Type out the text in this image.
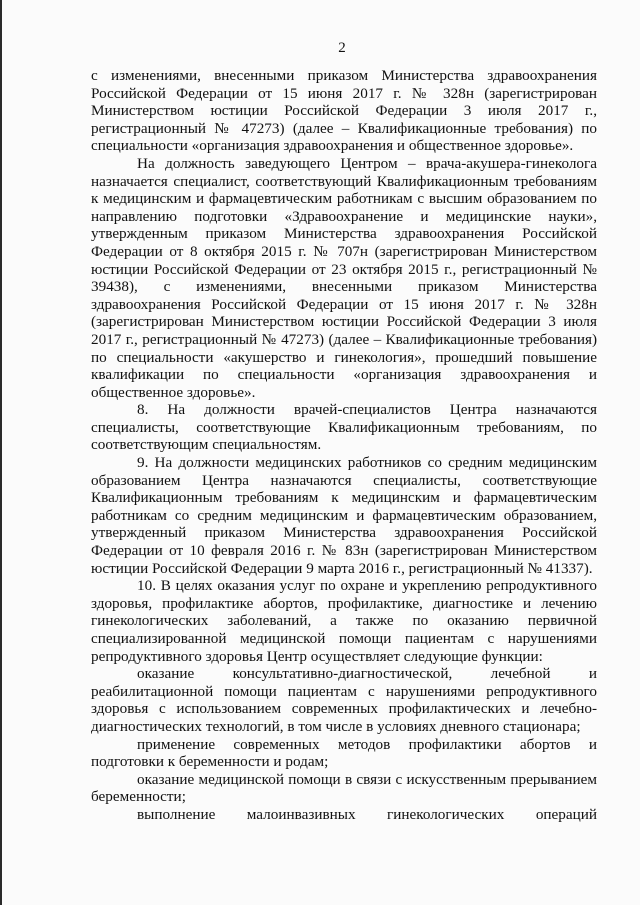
2

с изменениями, внесенными приказом Министерства здравоохранения Российской Федерации от 15 июня 2017 г. № 328н (зарегистрирован Министерством юстиции Российской Федерации 3 июля 2017 г., регистрационный № 47273) (далее – Квалификационные требования) по специальности «организация здравоохранения и общественное здоровье».

На должность заведующего Центром – врача-акушера-гинеколога назначается специалист, соответствующий Квалификационным требованиям к медицинским и фармацевтическим работникам с высшим образованием по направлению подготовки «Здравоохранение и медицинские науки», утвержденным приказом Министерства здравоохранения Российской Федерации от 8 октября 2015 г. № 707н (зарегистрирован Министерством юстиции Российской Федерации от 23 октября 2015 г., регистрационный № 39438), с изменениями, внесенными приказом Министерства здравоохранения Российской Федерации от 15 июня 2017 г. № 328н (зарегистрирован Министерством юстиции Российской Федерации 3 июля 2017 г., регистрационный № 47273) (далее – Квалификационные требования) по специальности «акушерство и гинекология», прошедший повышение квалификации по специальности «организация здравоохранения и общественное здоровье».

8. На должности врачей-специалистов Центра назначаются специалисты, соответствующие Квалификационным требованиям, по соответствующим специальностям.

9. На должности медицинских работников со средним медицинским образованием Центра назначаются специалисты, соответствующие Квалификационным требованиям к медицинским и фармацевтическим работникам со средним медицинским и фармацевтическим образованием, утвержденный приказом Министерства здравоохранения Российской Федерации от 10 февраля 2016 г. № 83н (зарегистрирован Министерством юстиции Российской Федерации 9 марта 2016 г., регистрационный № 41337).

10. В целях оказания услуг по охране и укреплению репродуктивного здоровья, профилактике абортов, профилактике, диагностике и лечению гинекологических заболеваний, а также по оказанию первичной специализированной медицинской помощи пациентам с нарушениями репродуктивного здоровья Центр осуществляет следующие функции:

оказание консультативно-диагностической, лечебной и реабилитационной помощи пациентам с нарушениями репродуктивного здоровья с использованием современных профилактических и лечебно-диагностических технологий, в том числе в условиях дневного стационара;

применение современных методов профилактики абортов и подготовки к беременности и родам;

оказание медицинской помощи в связи с искусственным прерыванием беременности;

выполнение малоинвазивных гинекологических операций
